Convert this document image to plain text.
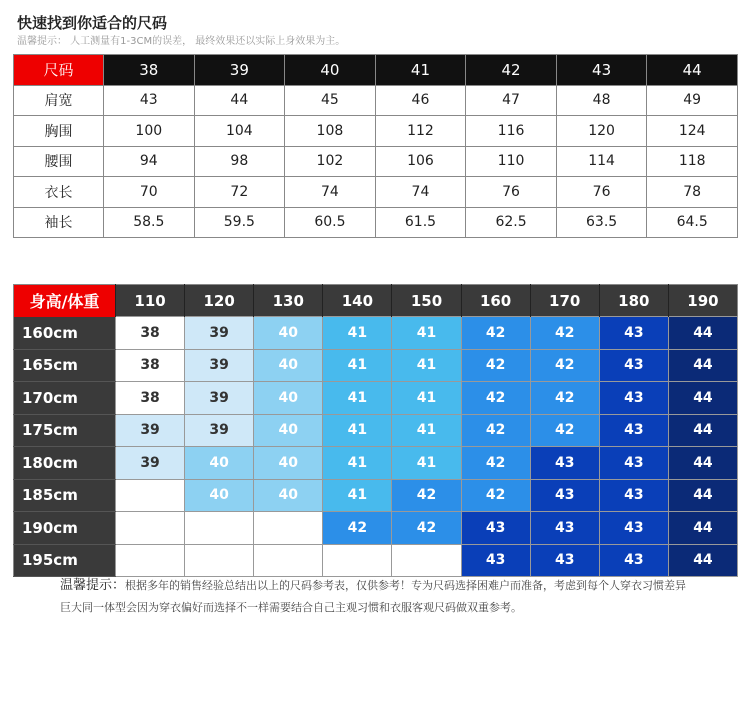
快速找到你适合的尺码
温馨提示： 人工测量有1-3CM的误差， 最终效果还以实际上身效果为主。
尺码	38	39	40	41	42	43	44
肩宽	43	44	45	46	47	48	49
胸围	100	104	108	112	116	120	124
腰围	94	98	102	106	110	114	118
衣长	70	72	74	74	76	76	78
袖长	58.5	59.5	60.5	61.5	62.5	63.5	64.5
身高/体重	110	120	130	140	150	160	170	180	190
160cm	38	39	40	41	41	42	42	43	44
165cm	38	39	40	41	41	42	42	43	44
170cm	38	39	40	41	41	42	42	43	44
175cm	39	39	40	41	41	42	42	43	44
180cm	39	40	40	41	41	42	43	43	44
185cm		40	40	41	42	42	43	43	44
190cm				42	42	43	43	43	44
195cm						43	43	43	44
温馨提示：根据多年的销售经验总结出以上的尺码参考表，仅供参考！专为尺码选择困难户而准备，考虑到每个人穿衣习惯差异
巨大同一体型会因为穿衣偏好而选择不一样需要结合自己主观习惯和衣服客观尺码做双重参考。
